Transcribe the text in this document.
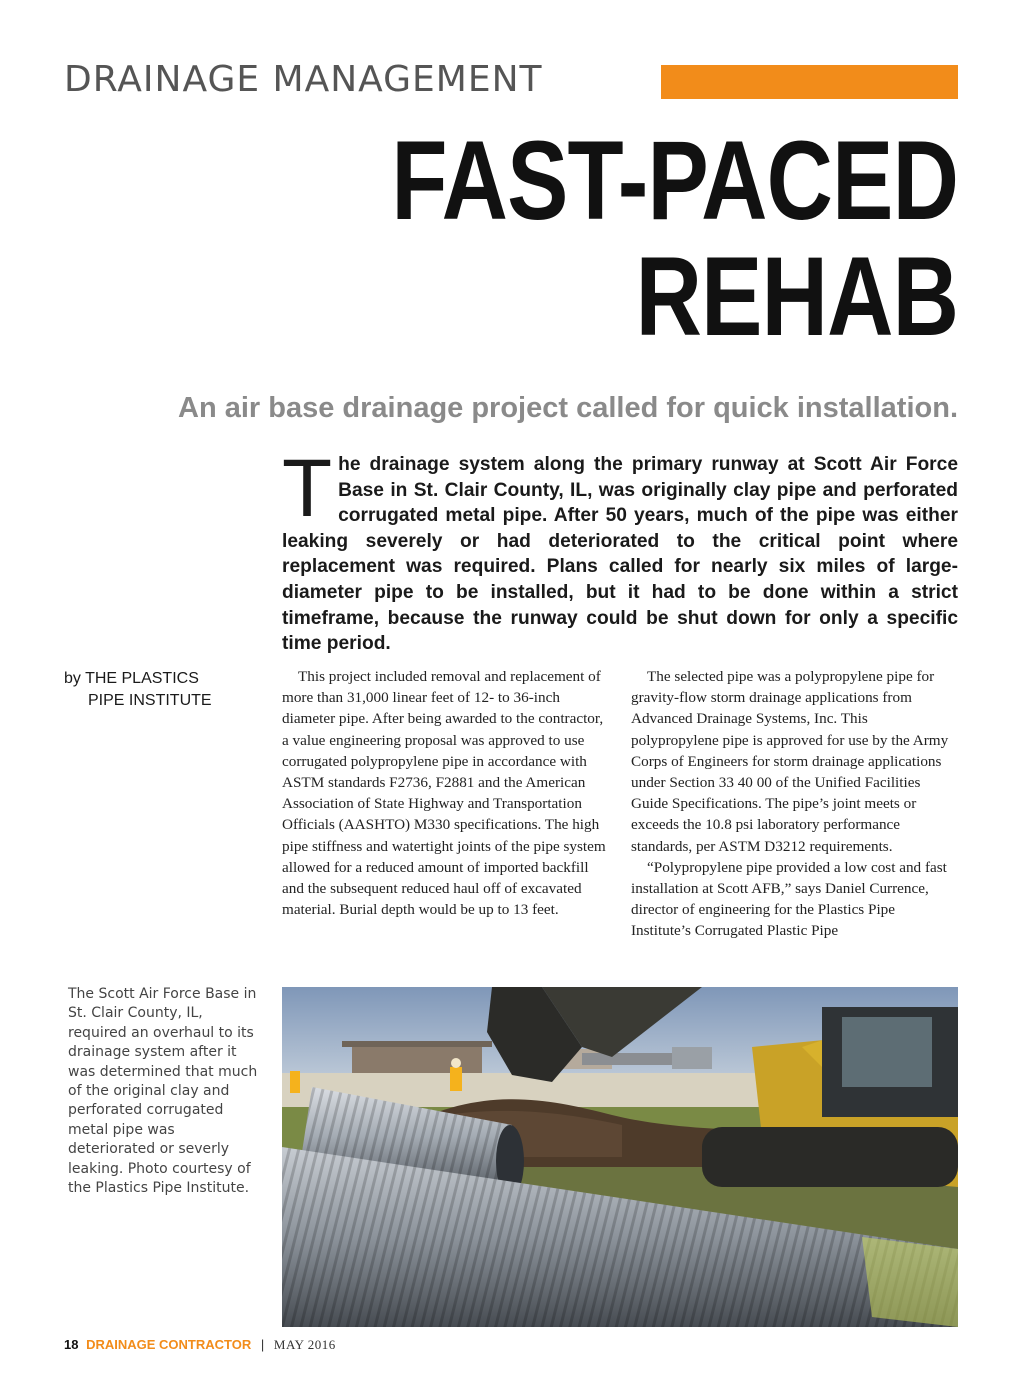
DRAINAGE MANAGEMENT
FAST-PACED
REHAB
An air base drainage project called for quick installation.

The drainage system along the primary runway at Scott Air Force Base in St. Clair County, IL, was originally clay pipe and perforated corrugated metal pipe. After 50 years, much of the pipe was either leaking severely or had deteriorated to the critical point where replacement was required. Plans called for nearly six miles of large-diameter pipe to be installed, but it had to be done within a strict timeframe, because the runway could be shut down for only a specific time period.

by THE PLASTICS
PIPE INSTITUTE

This project included removal and replacement of more than 31,000 linear feet of 12- to 36-inch diameter pipe. After being awarded to the contractor, a value engineering proposal was approved to use corrugated polypropylene pipe in accordance with ASTM standards F2736, F2881 and the American Association of State Highway and Transportation Officials (AASHTO) M330 specifications. The high pipe stiffness and watertight joints of the pipe system allowed for a reduced amount of imported backfill and the subsequent reduced haul off of excavated material. Burial depth would be up to 13 feet.

The selected pipe was a polypropylene pipe for gravity-flow storm drainage applications from Advanced Drainage Systems, Inc. This polypropylene pipe is approved for use by the Army Corps of Engineers for storm drainage applications under Section 33 40 00 of the Unified Facilities Guide Specifications. The pipe’s joint meets or exceeds the 10.8 psi laboratory performance standards, per ASTM D3212 requirements.

“Polypropylene pipe provided a low cost and fast installation at Scott AFB,” says Daniel Currence, director of engineering for the Plastics Pipe Institute’s Corrugated Plastic Pipe

The Scott Air Force Base in St. Clair County, IL, required an overhaul to its drainage system after it was determined that much of the original clay and perforated corrugated metal pipe was deteriorated or severly leaking. Photo courtesy of the Plastics Pipe Institute.
18 DRAINAGE CONTRACTOR | MAY 2016
